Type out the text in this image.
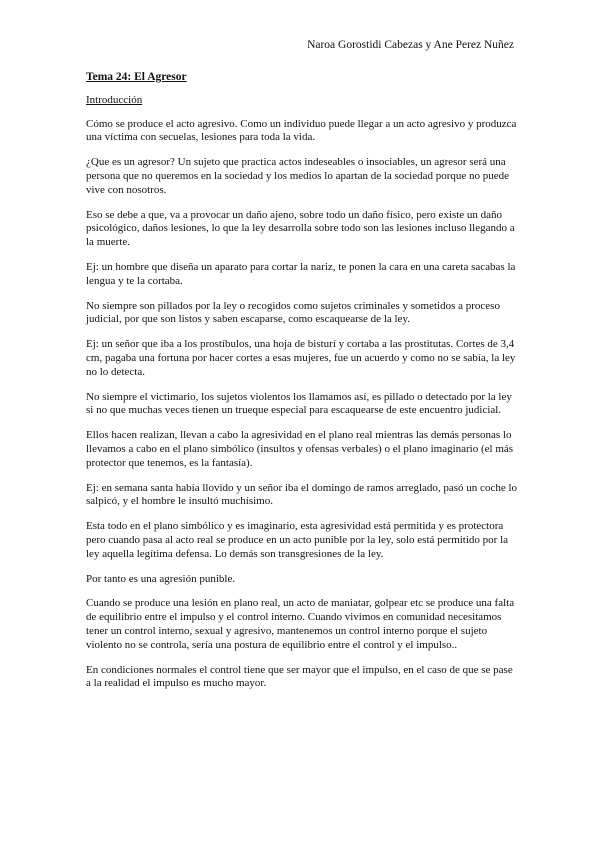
Naroa Gorostidi Cabezas y Ane Perez Nuñez
Tema 24: El Agresor
Introducción

Cómo se produce el acto agresivo. Como un individuo puede llegar a un acto agresivo y produzca una víctima con secuelas, lesiones para toda la vida.

¿Que es un agresor? Un sujeto que practica actos indeseables o insociables, un agresor será una persona que no queremos en la sociedad y los medios lo apartan de la sociedad porque no puede vive con nosotros.

Eso se debe a que, va a provocar un daño ajeno, sobre todo un daño físico, pero existe un daño psicológico, daños lesiones, lo que la ley desarrolla sobre todo son las lesiones incluso llegando a la muerte.

Ej: un hombre que diseña un aparato para cortar la nariz, te ponen la cara en una careta sacabas la lengua y te la cortaba.

No siempre son pillados por la ley o recogidos como sujetos criminales y sometidos a proceso judicial, por que son listos y saben escaparse, como escaquearse de la ley.

Ej: un señor que iba a los prostíbulos, una hoja de bisturí y cortaba a las prostitutas. Cortes de 3,4 cm, pagaba una fortuna por hacer cortes a esas mujeres, fue un acuerdo y como no se sabía, la ley no lo detecta.

No siempre el victimario, los sujetos violentos los llamamos así, es pillado o detectado por la ley si no que muchas veces tienen un trueque especial para escaquearse de este encuentro judicial.

Ellos hacen realizan, llevan a cabo la agresividad en el plano real mientras las demás personas lo llevamos a cabo en el plano simbólico (insultos y ofensas verbales) o el plano imaginario (el más protector que tenemos, es la fantasía).

Ej: en semana santa había llovido y un señor iba el domingo de ramos arreglado, pasó un coche lo salpicó, y el hombre le insultó muchísimo.

Esta todo en el plano simbólico y es imaginario, esta agresividad está permitida y es protectora pero cuando pasa al acto real se produce en un acto punible por la ley, solo está permitido por la ley aquella legítima defensa. Lo demás son transgresiones de la ley.

Por tanto es una agresión punible.

Cuando se produce una lesión en plano real, un acto de maniatar, golpear etc se produce una falta de equilibrio entre el impulso y el control interno. Cuando vivimos en comunidad necesitamos tener un control interno, sexual y agresivo, mantenemos un control interno porque el sujeto violento no se controla, sería una postura de equilibrio entre el control y el impulso..

En condiciones normales el control tiene que ser mayor que el impulso, en el caso de que se pase a la realidad el impulso es mucho mayor.
